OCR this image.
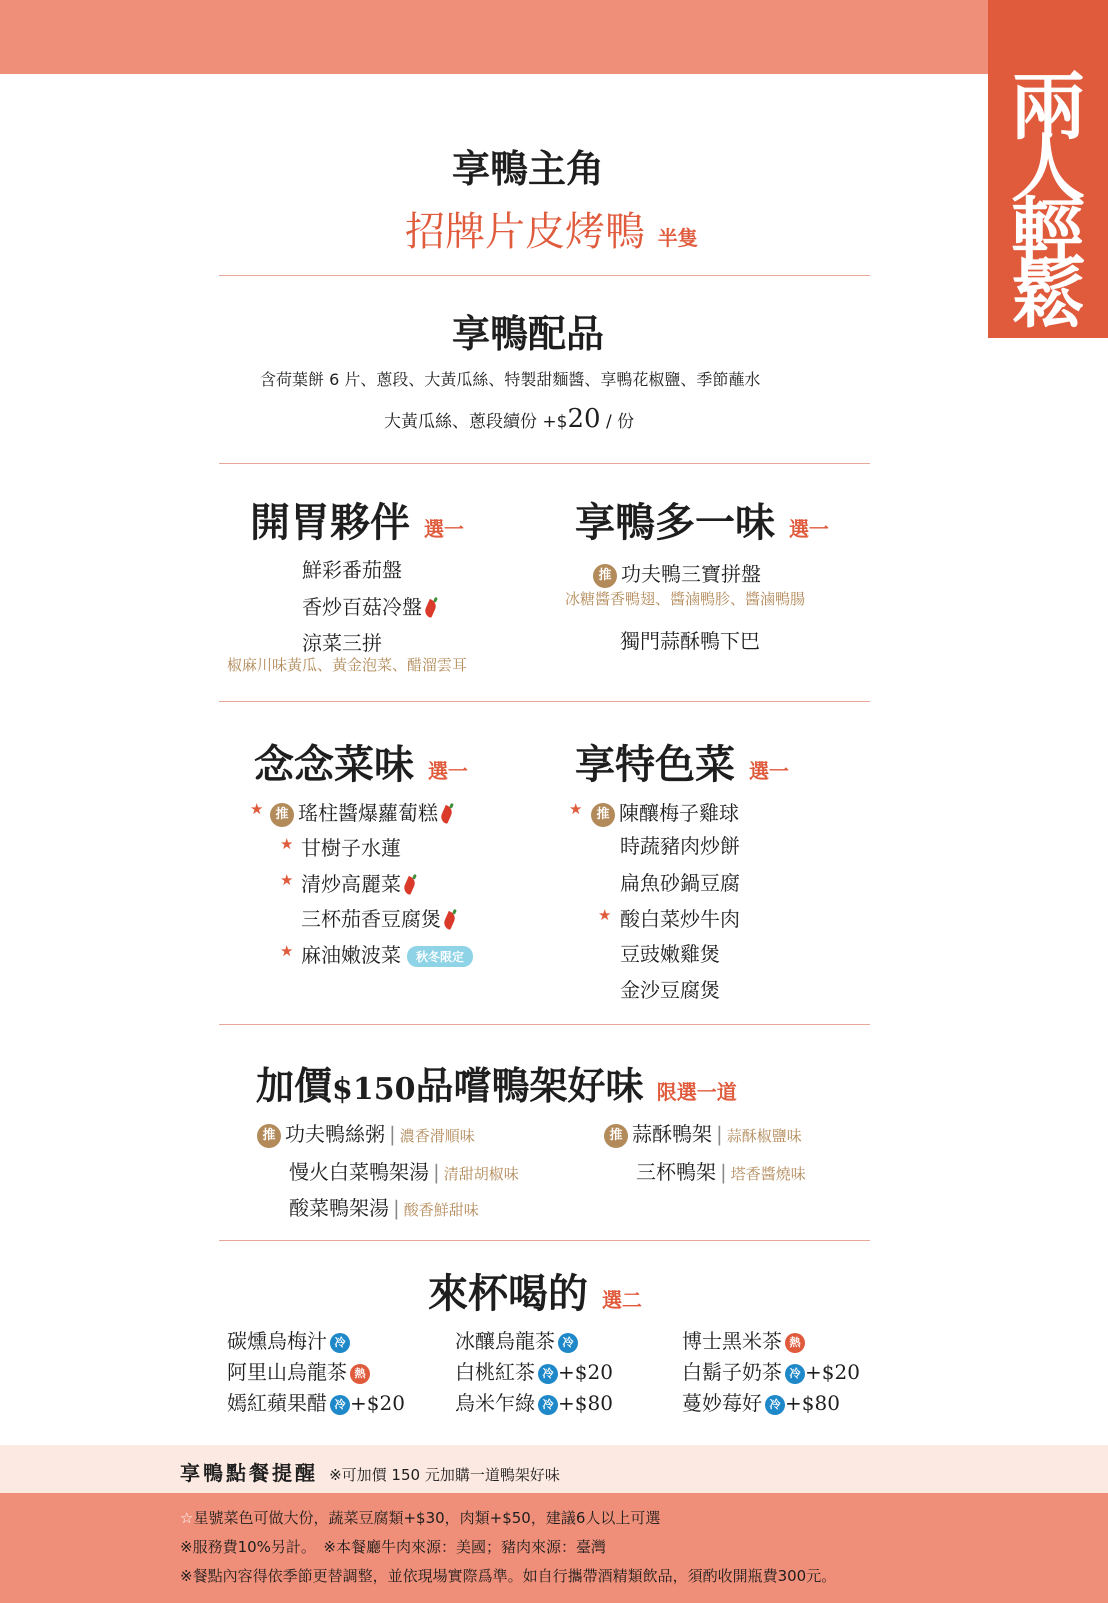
兩
人
輕
鬆
享鴨主角
招牌片皮烤鴨 半隻
享鴨配品
含荷葉餅 6 片、蔥段、大黃瓜絲、特製甜麵醬、享鴨花椒鹽、季節蘸水
大黃瓜絲、蔥段續份 +$20 / 份
開胃夥伴 選一
鮮彩番茄盤
香炒百菇冷盤
涼菜三拼
椒麻川味黃瓜、黃金泡菜、醋溜雲耳
享鴨多一味 選一
推 功夫鴨三寶拼盤
冰糖醬香鴨翅、醬滷鴨胗、醬滷鴨腸
獨門蒜酥鴨下巴
念念菜味 選一
★ 推 瑤柱醬爆蘿蔔糕
★ 甘樹子水蓮
★ 清炒高麗菜
三杯茄香豆腐煲
★ 麻油嫩波菜 秋冬限定
享特色菜 選一
★	推 陳釀梅子雞球
時蔬豬肉炒餅
扁魚砂鍋豆腐
★ 酸白菜炒牛肉
豆豉嫩雞煲
金沙豆腐煲
加價$150品嚐鴨架好味 限選一道
推 功夫鴨絲粥 | 濃香滑順味
慢火白菜鴨架湯 | 清甜胡椒味
酸菜鴨架湯 | 酸香鮮甜味
推 蒜酥鴨架 | 蒜酥椒鹽味
三杯鴨架 | 塔香醬燒味
來杯喝的 選二
碳燻烏梅汁 冷
阿里山烏龍茶 熱
嫣紅蘋果醋 冷 +$20
冰釀烏龍茶 冷
白桃紅茶 冷 +$20
烏米乍綠 冷 +$80
博士黑米茶 熱
白鬍子奶茶 冷 +$20
蔓妙莓好 冷 +$80
享鴨點餐提醒 ※可加價 150 元加購一道鴨架好味
☆星號菜色可做大份，蔬菜豆腐類+$30，肉類+$50，建議6人以上可選
※服務費10%另計。　※本餐廳牛肉來源：美國；豬肉來源：臺灣
※餐點內容得依季節更替調整，並依現場實際爲準。如自行攜帶酒精類飲品，須酌收開瓶費300元。
